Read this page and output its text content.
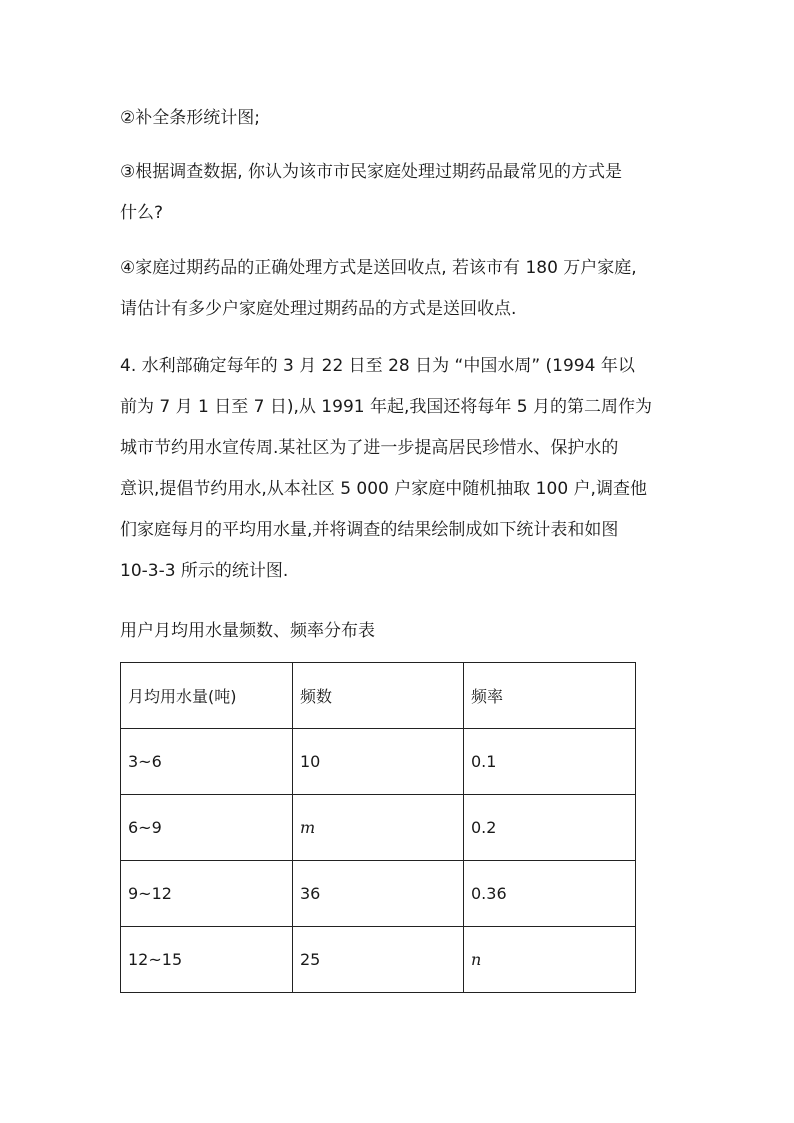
②补全条形统计图;

③根据调查数据, 你认为该市市民家庭处理过期药品最常见的方式是

什么?

④家庭过期药品的正确处理方式是送回收点, 若该市有 180 万户家庭,

请估计有多少户家庭处理过期药品的方式是送回收点.

4. 水利部确定每年的 3 月 22 日至 28 日为 “中国水周” (1994 年以

前为 7 月 1 日至 7 日),从 1991 年起,我国还将每年 5 月的第二周作为

城市节约用水宣传周.某社区为了进一步提高居民珍惜水、保护水的

意识,提倡节约用水,从本社区 5 000 户家庭中随机抽取 100 户,调查他

们家庭每月的平均用水量,并将调查的结果绘制成如下统计表和如图

10-3-3 所示的统计图.

用户月均用水量频数、频率分布表

月均用水量(吨)	频数	频率
3~6	10	0.1
6~9	m	0.2
9~12	36	0.36
12~15	25	n
